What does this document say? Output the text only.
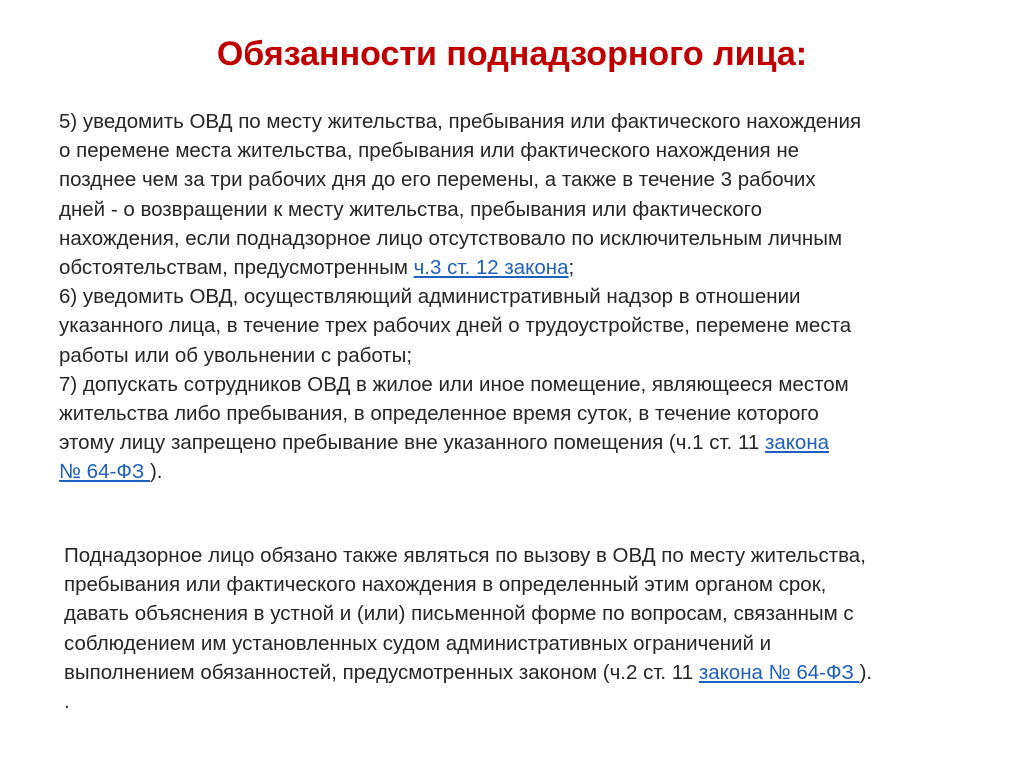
Обязанности поднадзорного лица:
5) уведомить ОВД по месту жительства, пребывания или фактического нахождения
о перемене места жительства, пребывания или фактического нахождения не
позднее чем за три рабочих дня до его перемены, а также в течение 3 рабочих
дней - о возвращении к месту жительства, пребывания или фактического
нахождения, если поднадзорное лицо отсутствовало по исключительным личным
обстоятельствам, предусмотренным ч.3 ст. 12 закона;
6) уведомить ОВД, осуществляющий административный надзор в отношении
указанного лица, в течение трех рабочих дней о трудоустройстве, перемене места
работы или об увольнении с работы;
7) допускать сотрудников ОВД в жилое или иное помещение, являющееся местом
жительства либо пребывания, в определенное время суток, в течение которого
этому лицу запрещено пребывание вне указанного помещения (ч.1 ст. 11 закона
№ 64-ФЗ ).
Поднадзорное лицо обязано также являться по вызову в ОВД по месту жительства,
пребывания или фактического нахождения в определенный этим органом срок,
давать объяснения в устной и (или) письменной форме по вопросам, связанным с
соблюдением им установленных судом административных ограничений и
выполнением обязанностей, предусмотренных законом (ч.2 ст. 11 закона № 64-ФЗ ).
.
